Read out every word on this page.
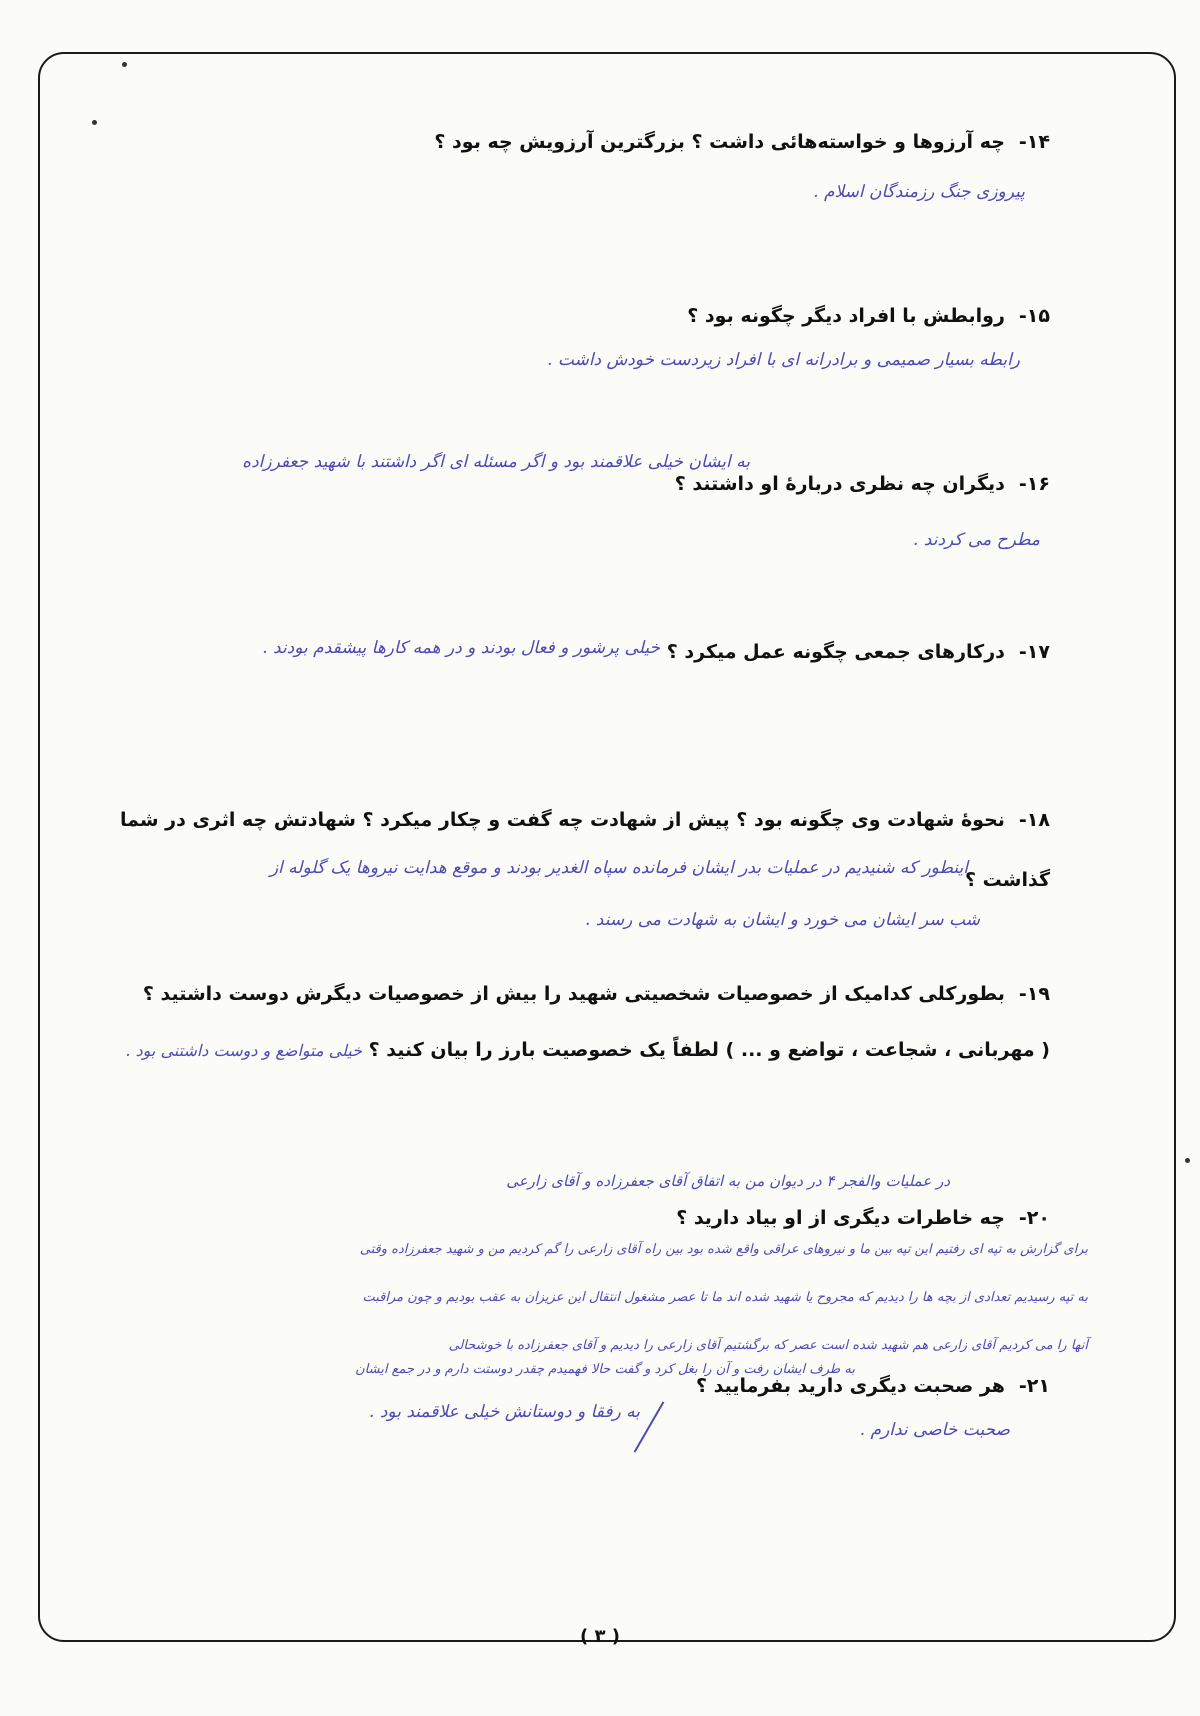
۱۴-چه آرزوها و خواسته‌هائی داشت ؟ بزرگترین آرزویش چه بود ؟
پیروزی جنگ رزمندگان اسلام .
۱۵-روابطش با افراد دیگر چگونه بود ؟
رابطه بسیار صمیمی و برادرانه ای با افراد زیردست خودش داشت .
۱۶-دیگران چه نظری دربارهٔ او داشتند ؟
به ایشان خیلی علاقمند بود و اگر مسئله ای اگر داشتند با شهید جعفرزاده
مطرح می کردند .
۱۷-درکارهای جمعی چگونه عمل میکرد ؟
خیلی پرشور و فعال بودند و در همه کارها پیشقدم بودند .
۱۸-نحوهٔ شهادت وی چگونه بود ؟ پیش از شهادت چه گفت و چکار میکرد ؟ شهادتش چه اثری در شما
گذاشت ؟
اینطور که شنیدیم در عملیات بدر ایشان فرمانده سپاه الغدیر بودند و موقع هدایت نیروها یک گلوله از
شب سر ایشان می خورد و ایشان به شهادت می رسند .
۱۹-بطورکلی کدامیک از خصوصیات شخصیتی شهید را بیش از خصوصیات دیگرش دوست داشتید ؟
( مهربانی ، شجاعت ، تواضع و ... ) لطفاً یک خصوصیت بارز را بیان کنید ؟ خیلی متواضع و دوست داشتنی بود .
در عملیات والفجر ۴ در دیوان من به اتفاق آقای جعفرزاده و آقای زارعی
۲۰-چه خاطرات دیگری از او بیاد دارید ؟
برای گزارش به تپه ای رفتیم این تپه بین ما و نیروهای عراقی واقع شده بود بین راه آقای زارعی را گم کردیم من و شهید جعفرزاده وقتی
به تپه رسیدیم تعدادی از بچه ها را دیدیم که مجروح یا شهید شده اند ما تا عصر مشغول انتقال این عزیزان به عقب بودیم و چون مراقبت
آنها را می کردیم آقای زارعی هم شهید شده است عصر که برگشتیم آقای زارعی را دیدیم و آقای جعفرزاده با خوشحالی
به طرف ایشان رفت و آن را بغل کرد و گفت حالا فهمیدم چقدر دوستت دارم و در جمع ایشان
۲۱-هر صحبت دیگری دارید بفرمایید ؟
به رفقا و دوستانش خیلی علاقمند بود .
صحبت خاصی ندارم .
( ۳ )
